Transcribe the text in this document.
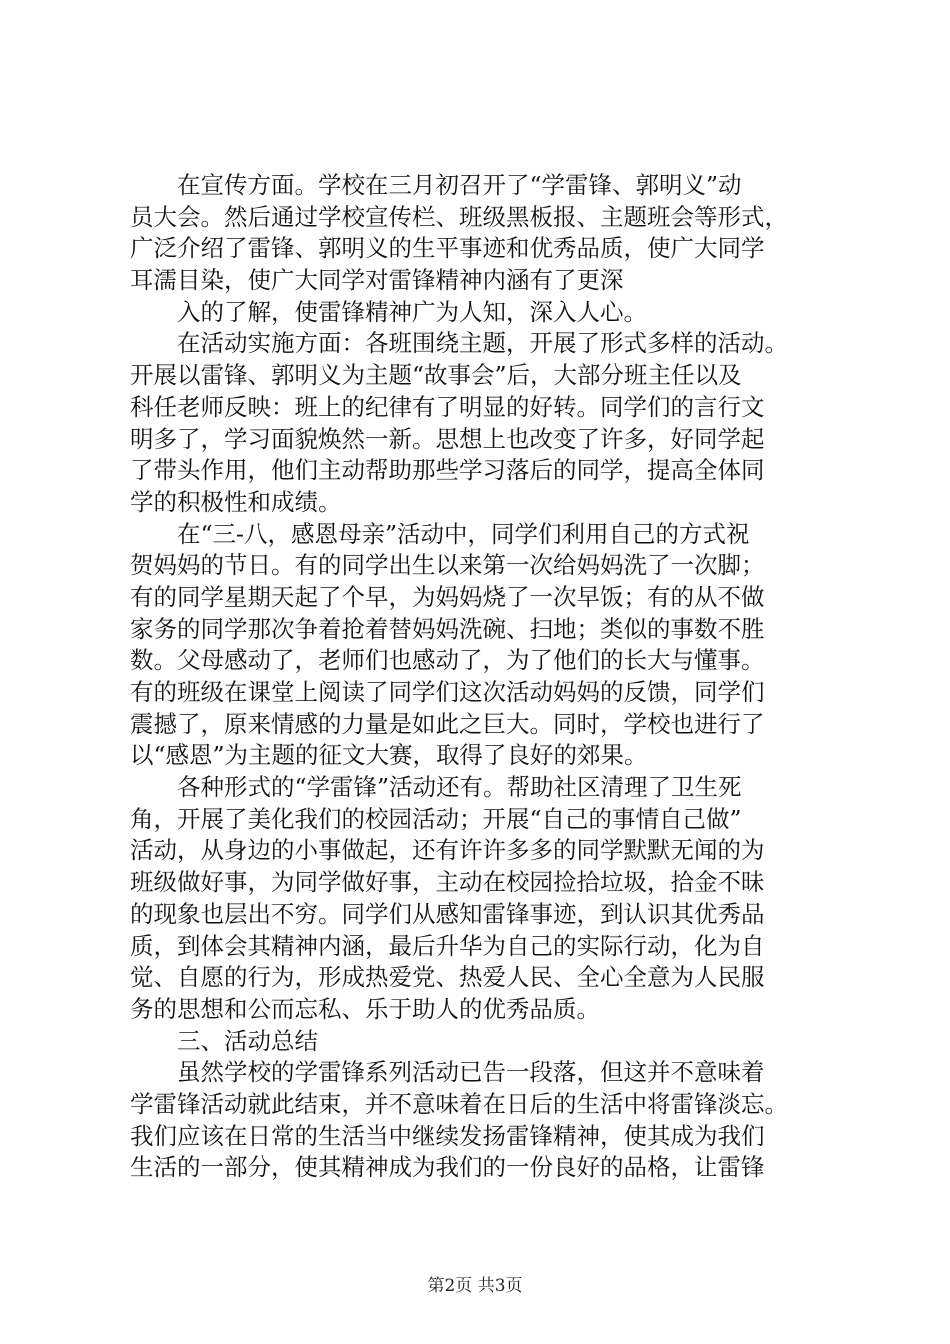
　　在宣传方面。学校在三月初召开了“学雷锋、郭明义”动
员大会。然后通过学校宣传栏、班级黑板报、主题班会等形式，
广泛介绍了雷锋、郭明义的生平事迹和优秀品质，使广大同学
耳濡目染，使广大同学对雷锋精神内涵有了更深
　　入的了解，使雷锋精神广为人知，深入人心。
　　在活动实施方面：各班围绕主题，开展了形式多样的活动。
开展以雷锋、郭明义为主题“故事会”后，大部分班主任以及
科任老师反映：班上的纪律有了明显的好转。同学们的言行文
明多了，学习面貌焕然一新。思想上也改变了许多，好同学起
了带头作用，他们主动帮助那些学习落后的同学，提高全体同
学的积极性和成绩。
　　在“三-八，感恩母亲”活动中，同学们利用自己的方式祝
贺妈妈的节日。有的同学出生以来第一次给妈妈洗了一次脚；
有的同学星期天起了个早，为妈妈烧了一次早饭；有的从不做
家务的同学那次争着抢着替妈妈洗碗、扫地；类似的事数不胜
数。父母感动了，老师们也感动了，为了他们的长大与懂事。
有的班级在课堂上阅读了同学们这次活动妈妈的反馈，同学们
震撼了，原来情感的力量是如此之巨大。同时，学校也进行了
以“感恩”为主题的征文大赛，取得了良好的郊果。
　　各种形式的“学雷锋”活动还有。帮助社区清理了卫生死
角，开展了美化我们的校园活动；开展“自己的事情自己做”
活动，从身边的小事做起，还有许许多多的同学默默无闻的为
班级做好事，为同学做好事，主动在校园捡拾垃圾，拾金不昧
的现象也层出不穷。同学们从感知雷锋事迹，到认识其优秀品
质，到体会其精神内涵，最后升华为自己的实际行动，化为自
觉、自愿的行为，形成热爱党、热爱人民、全心全意为人民服
务的思想和公而忘私、乐于助人的优秀品质。
　　三、活动总结
　　虽然学校的学雷锋系列活动已告一段落，但这并不意味着
学雷锋活动就此结束，并不意味着在日后的生活中将雷锋淡忘。
我们应该在日常的生活当中继续发扬雷锋精神，使其成为我们
生活的一部分，使其精神成为我们的一份良好的品格，让雷锋
第2页 共3页
